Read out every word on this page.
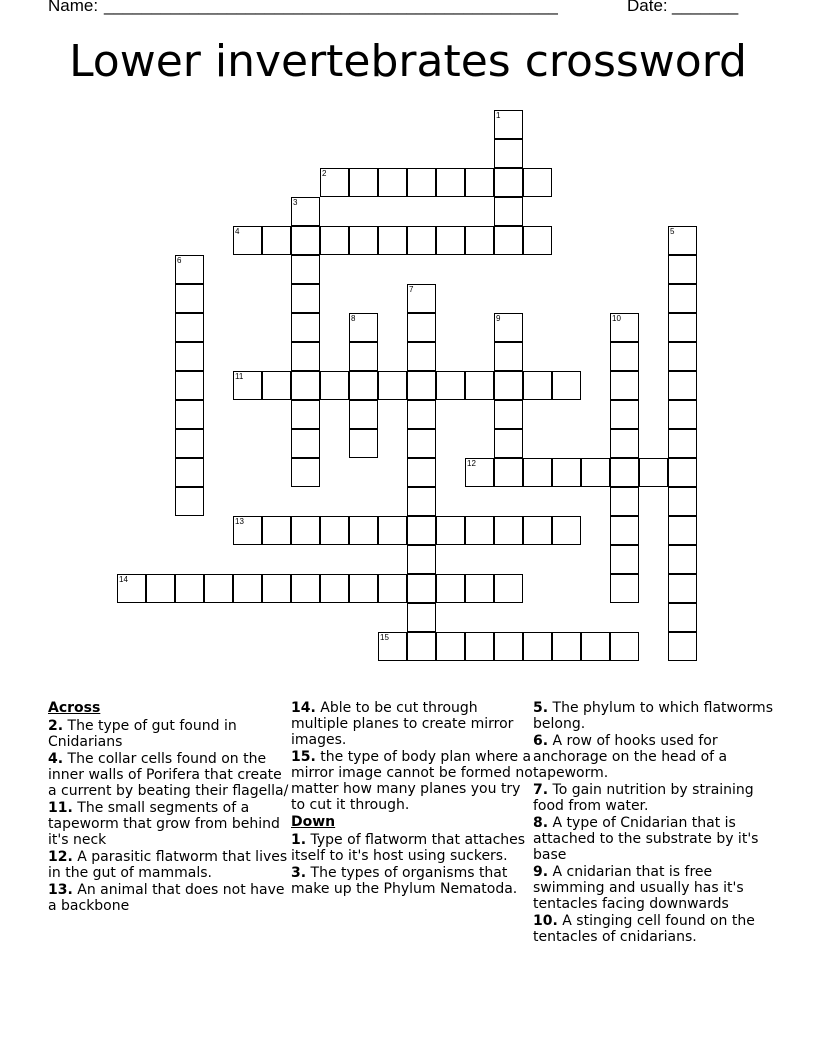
Name: ________________________________________________	Date: _______
Lower invertebrates crossword
1
2
3
4	5
6
7
8	9	10
11
12
13
14
15
Across
2. The type of gut found in Cnidarians
4. The collar cells found on the inner walls of Porifera that create a current by beating their flagella/
11. The small segments of a tapeworm that grow from behind it's neck
12. A parasitic flatworm that lives in the gut of mammals.
13. An animal that does not have a backbone
14. Able to be cut through multiple planes to create mirror images.
15. the type of body plan where a mirror image cannot be formed no matter how many planes you try to cut it through.
Down
1. Type of flatworm that attaches itself to it's host using suckers.
3. The types of organisms that make up the Phylum Nematoda.
5. The phylum to which flatworms belong.
6. A row of hooks used for anchorage on the head of a tapeworm.
7. To gain nutrition by straining food from water.
8. A type of Cnidarian that is attached to the substrate by it's base
9. A cnidarian that is free swimming and usually has it's tentacles facing downwards
10. A stinging cell found on the tentacles of cnidarians.
